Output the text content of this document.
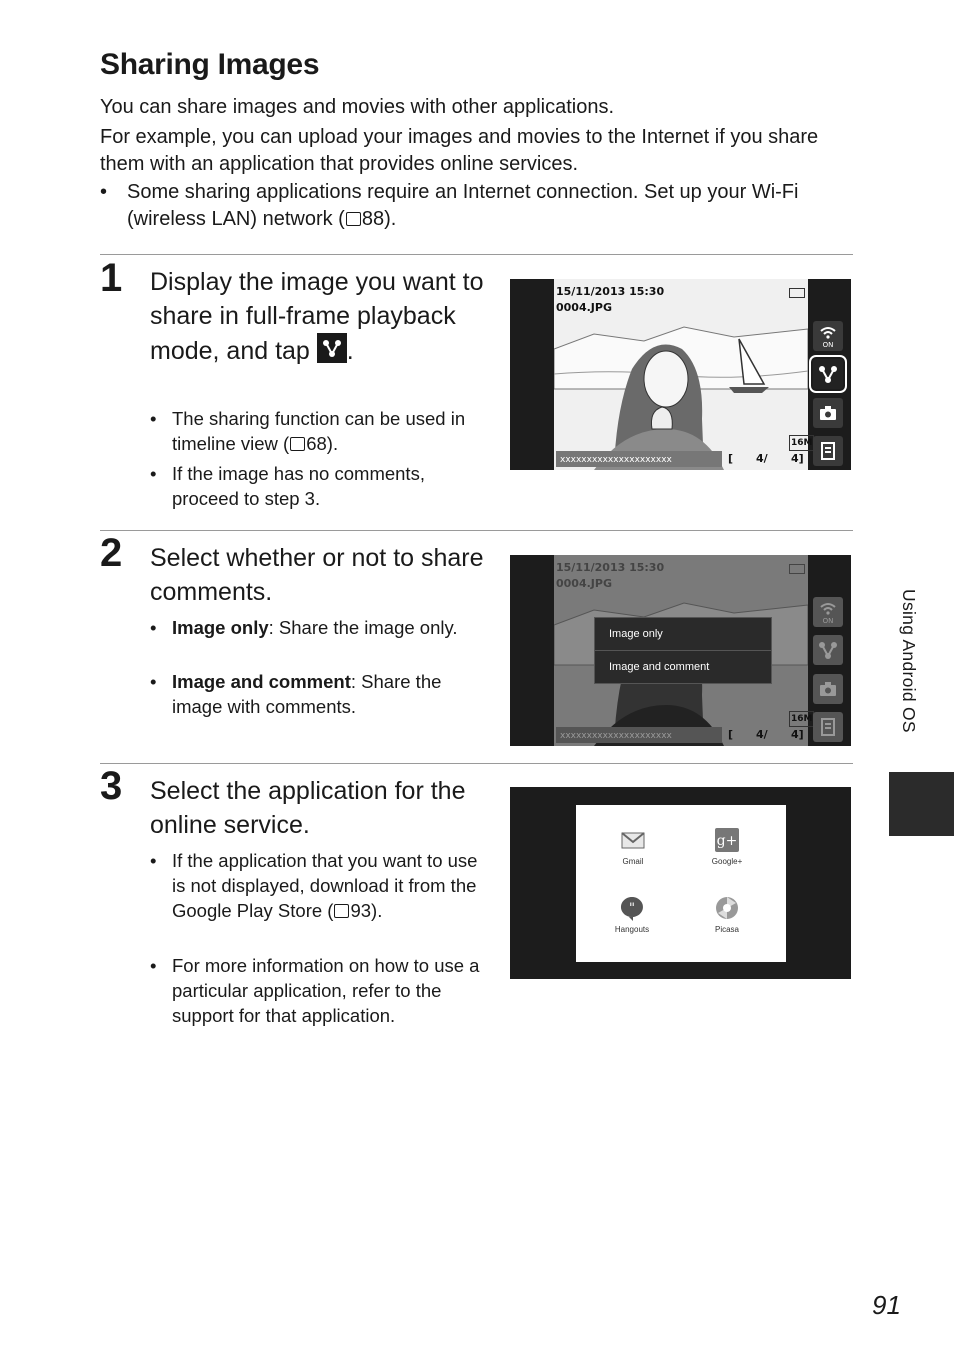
Sharing Images

You can share images and movies with other applications.

For example, you can upload your images and movies to the Internet if you share them with an application that provides online services.

• Some sharing applications require an Internet connection. Set up your Wi-Fi (wireless LAN) network ( 88).
1 Display the image you want to share in full-frame playback mode, and tap .
• The sharing function can be used in timeline view ( 68).
• If the image has no comments, proceed to step 3.
15/11/2013 15:30
0004.JPG
xxxxxxxxxxxxxxxxxxxxx	[ 4/ 4]
16M
ON
2 Select whether or not to share comments.
• Image only: Share the image only.
• Image and comment: Share the image with comments.
15/11/2013 15:30
0004.JPG
xxxxxxxxxxxxxxxxxxxxx	[ 4/ 4]
16M
ON
Image only
Image and comment
3 Select the application for the online service.
• If the application that you want to use is not displayed, download it from the Google Play Store ( 93).
• For more information on how to use a particular application, refer to the support for that application.
Gmail
g+
Google+
"
Hangouts	Picasa
Using Android OS
91
